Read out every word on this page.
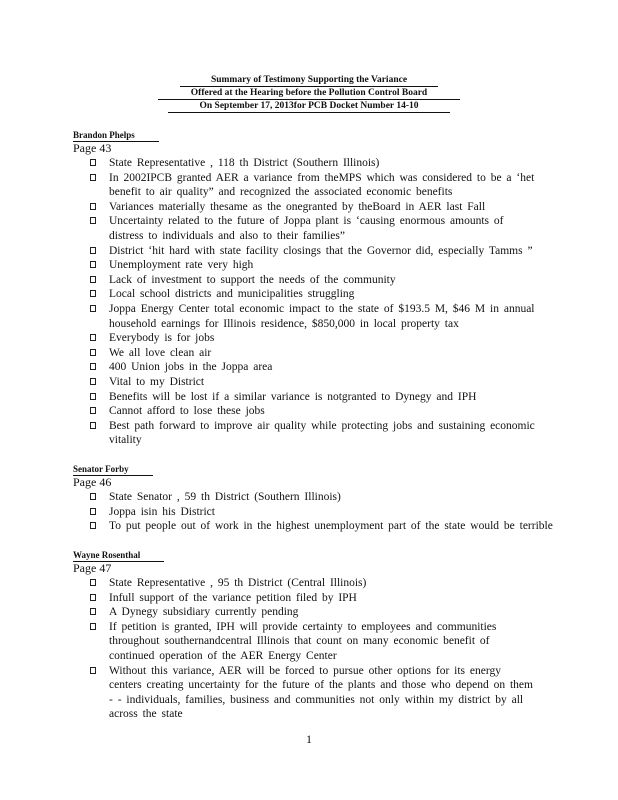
Summary of Testimony Supporting the Variance
Offered at the Hearing before the Pollution Control Board
On September 17, 2013for PCB Docket Number 14-10
Brandon Phelps
Page 43
State Representative , 118 th District (Southern Illinois)
In 2002IPCB granted AER a variance from theMPS which was considered to be a ‘het benefit to air quality” and recognized the associated economic benefits
Variances materially thesame as the onegranted by theBoard in AER last Fall
Uncertainty related to the future of Joppa plant is ‘causing enormous amounts of distress to individuals and also to their families”
District ‘hit hard with state facility closings that the Governor did, especially Tamms ”
Unemployment rate very high
Lack of investment to support the needs of the community
Local school districts and municipalities struggling
Joppa Energy Center total economic impact to the state of $193.5 M, $46 M in annual household earnings for Illinois residence, $850,000 in local property tax
Everybody is for jobs
We all love clean air
400 Union jobs in the Joppa area
Vital to my District
Benefits will be lost if a similar variance is notgranted to Dynegy and IPH
Cannot afford to lose these jobs
Best path forward to improve air quality while protecting jobs and sustaining economic vitality
Senator Forby
Page 46
State Senator , 59 th District (Southern Illinois)
Joppa isin his District
To put people out of work in the highest unemployment part of the state would be terrible
Wayne Rosenthal
Page 47
State Representative , 95 th District (Central Illinois)
Infull support of the variance petition filed by IPH
A Dynegy subsidiary currently pending
If petition is granted, IPH will provide certainty to employees and communities throughout southernandcentral Illinois that count on many economic benefit of continued operation of the AER Energy Center
Without this variance, AER will be forced to pursue other options for its energy centers creating uncertainty for the future of the plants and those who depend on them - - individuals, families, business and communities not only within my district by all across the state
1
